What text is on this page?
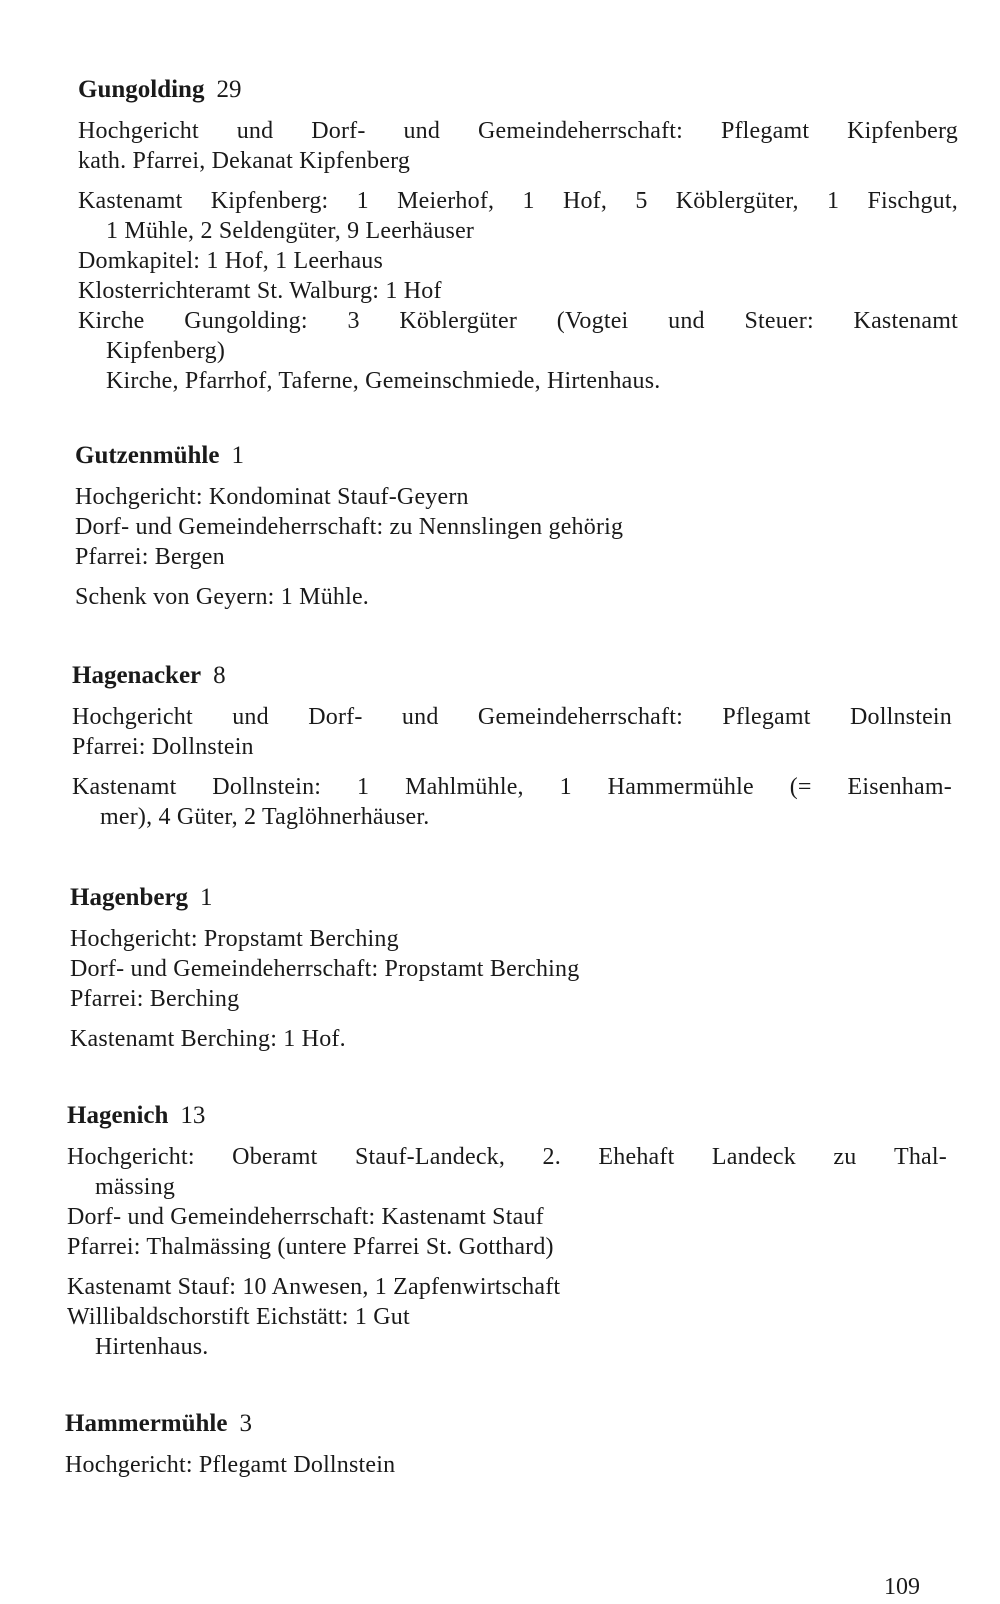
Gungolding 29
Hochgericht und Dorf- und Gemeindeherrschaft: Pflegamt Kipfenberg
kath. Pfarrei, Dekanat Kipfenberg
Kastenamt Kipfenberg: 1 Meierhof, 1 Hof, 5 Köblergüter, 1 Fischgut,
1 Mühle, 2 Seldengüter, 9 Leerhäuser
Domkapitel: 1 Hof, 1 Leerhaus
Klosterrichteramt St. Walburg: 1 Hof
Kirche Gungolding: 3 Köblergüter (Vogtei und Steuer: Kastenamt
Kipfenberg)
Kirche, Pfarrhof, Taferne, Gemeinschmiede, Hirtenhaus.
Gutzenmühle 1
Hochgericht: Kondominat Stauf-Geyern
Dorf- und Gemeindeherrschaft: zu Nennslingen gehörig
Pfarrei: Bergen
Schenk von Geyern: 1 Mühle.
Hagenacker 8
Hochgericht und Dorf- und Gemeindeherrschaft: Pflegamt Dollnstein
Pfarrei: Dollnstein
Kastenamt Dollnstein: 1 Mahlmühle, 1 Hammermühle (= Eisenham-
mer), 4 Güter, 2 Taglöhnerhäuser.
Hagenberg 1
Hochgericht: Propstamt Berching
Dorf- und Gemeindeherrschaft: Propstamt Berching
Pfarrei: Berching
Kastenamt Berching: 1 Hof.
Hagenich 13
Hochgericht: Oberamt Stauf-Landeck, 2. Ehehaft Landeck zu Thal-
mässing
Dorf- und Gemeindeherrschaft: Kastenamt Stauf
Pfarrei: Thalmässing (untere Pfarrei St. Gotthard)
Kastenamt Stauf: 10 Anwesen, 1 Zapfenwirtschaft
Willibaldschorstift Eichstätt: 1 Gut
Hirtenhaus.
Hammermühle 3
Hochgericht: Pflegamt Dollnstein
109
